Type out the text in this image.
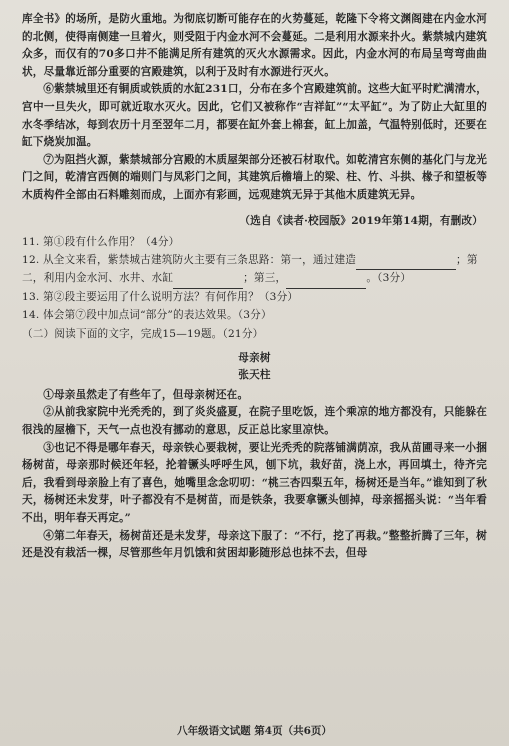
库全书》的场所，是防火重地。为彻底切断可能存在的火势蔓延，乾隆下令将文渊阁建在内金水河的北侧，使得南侧建一旦着火，则受阻于内金水河不会蔓延。二是利用水源来扑火。紫禁城内建筑众多，而仅有的70多口井不能满足所有建筑的灭火水源需求。因此，内金水河的布局呈弯弯曲曲状，尽量靠近部分重要的宫殿建筑，以利于及时有水源进行灭火。

⑥紫禁城里还有铜质或铁质的水缸231口，分布在多个宫殿建筑前。这些大缸平时贮满清水，宫中一旦失火，即可就近取水灭火。因此，它们又被称作“吉祥缸”“太平缸”。为了防止大缸里的水冬季结冰，每到农历十月至翌年二月，都要在缸外套上棉套，缸上加盖，气温特别低时，还要在缸下烧炭加温。

⑦为阻挡火源，紫禁城部分宫殿的木质屋架部分还被石材取代。如乾清宫东侧的基化门与龙光门之间，乾清宫西侧的端则门与凤彩门之间，其建筑后檐墙上的梁、柱、竹、斗拱、椽子和望板等木质构件全部由石料雕刻而成，上面亦有彩画，远观建筑无异于其他木质建筑无异。

（选自《读者·校园版》2019年第14期，有删改）

11. 第①段有什么作用？（4分）

12. 从全文来看，紫禁城古建筑防火主要有三条思路：第一，通过建造	；第二，利用内金水河、水井、水缸	；第三，	。（3分）

13. 第②段主要运用了什么说明方法？有何作用？（3分）

14. 体会第⑦段中加点词“部分”的表达效果。（3分）

（二）阅读下面的文字，完成15—19题。（21分）

母亲树

张天柱

①母亲虽然走了有些年了，但母亲树还在。

②从前我家院中光秃秃的，到了炎炎盛夏，在院子里吃饭，连个乘凉的地方都没有，只能躲在很浅的屋檐下，天气一点也没有挪动的意思，反正总比家里凉快。

③也记不得是哪年春天，母亲铁心要栽树，要让光秃秃的院落铺满荫凉，我从苗圃寻来一小捆杨树苗，母亲那时候还年轻，抡着镢头呼呼生风，刨下坑，栽好苗，浇上水，再回填土，待齐完后，我看到母亲脸上有了喜色，她嘴里念念叨叨：“桃三杏四梨五年，杨树还是当年。”谁知到了秋天，杨树还未发芽，叶子都没有不是树苗，而是铁条，我要拿镢头刨掉，母亲摇摇头说：“当年看不出，明年春天再定。”

④第二年春天，杨树苗还是未发芽，母亲这下服了：“不行，挖了再栽。”整整折腾了三年，树还是没有栽活一棵，尽管那些年月饥饿和贫困却影随形总也抹不去，但母

八年级语文试题 第4页（共6页）
